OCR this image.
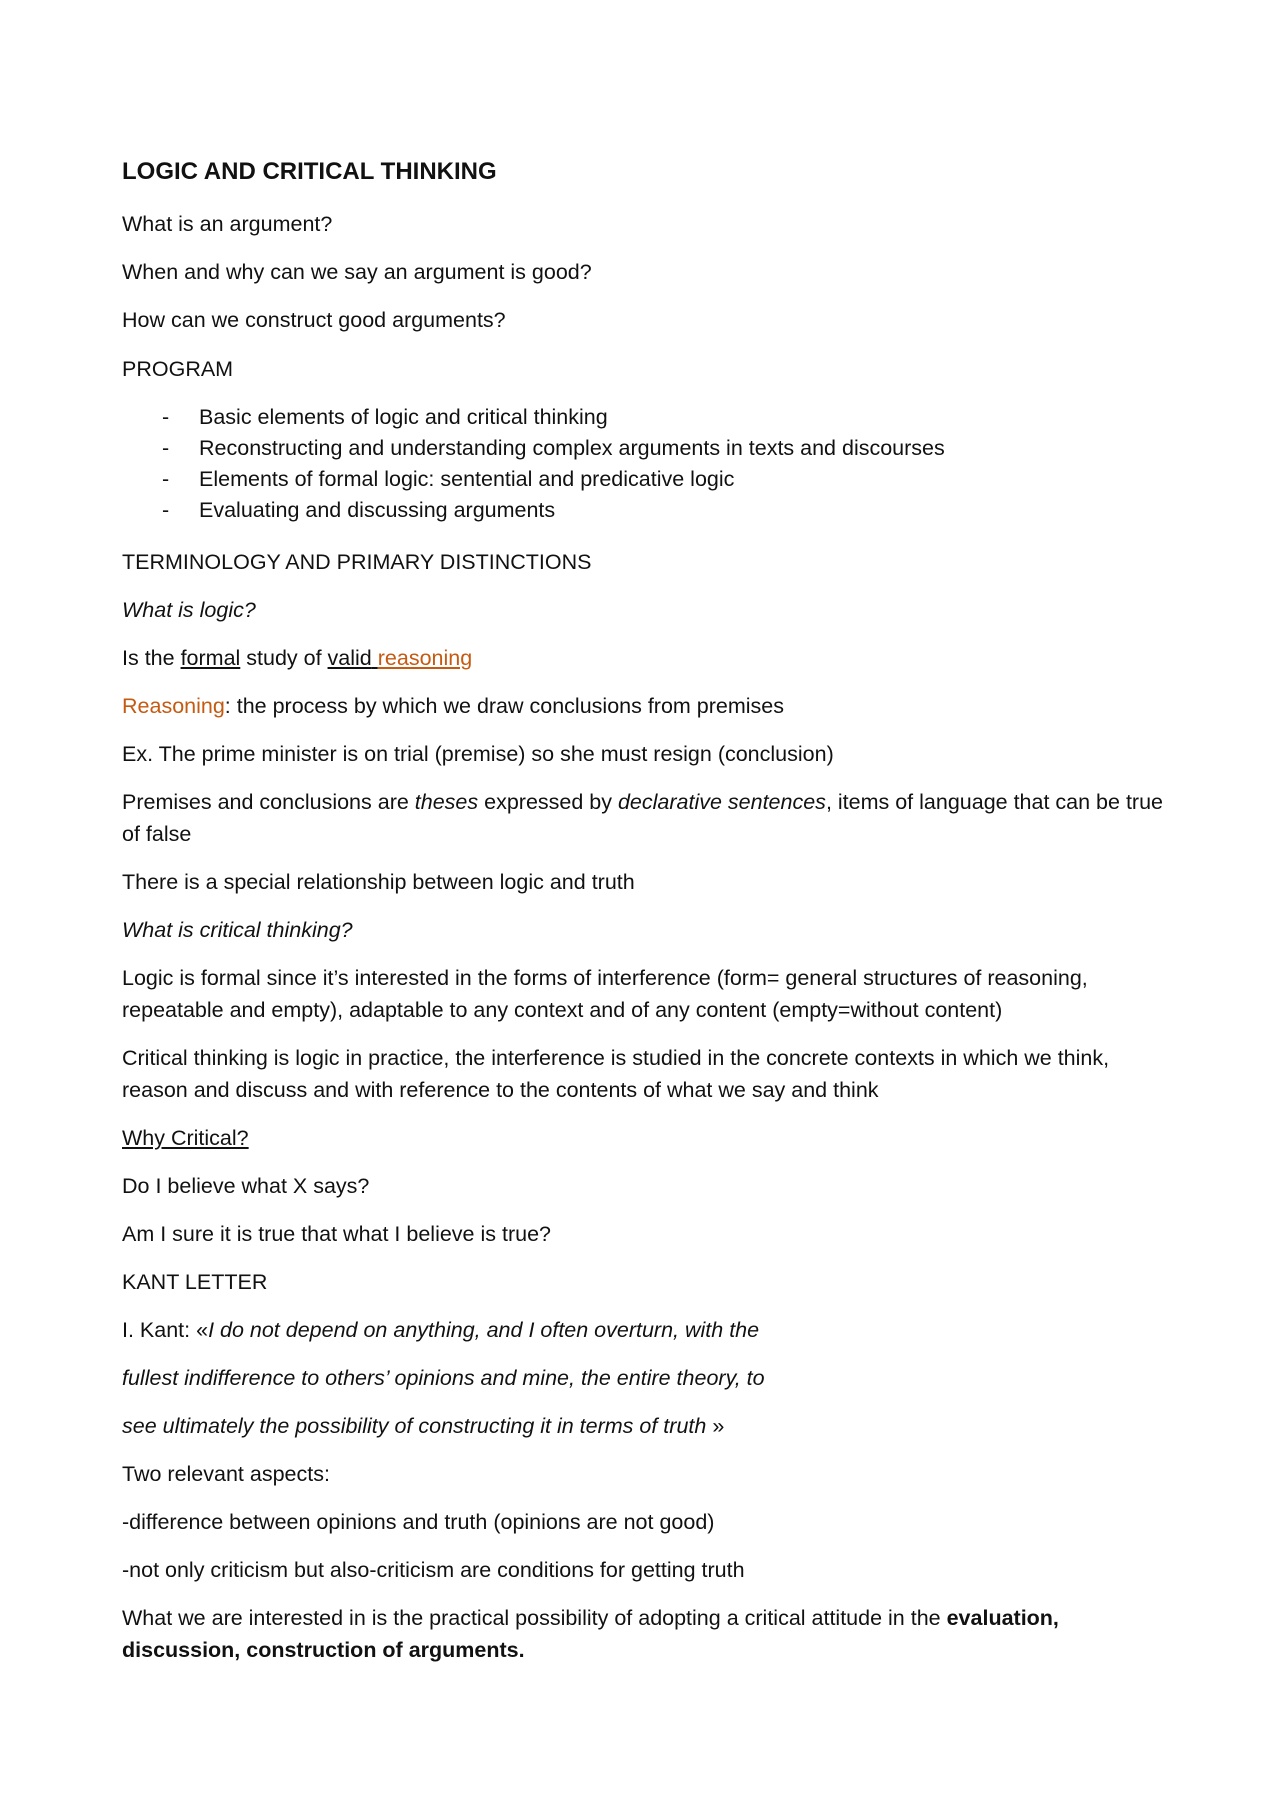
LOGIC AND CRITICAL THINKING

What is an argument?

When and why can we say an argument is good?

How can we construct good arguments?

PROGRAM

- Basic elements of logic and critical thinking
- Reconstructing and understanding complex arguments in texts and discourses
- Elements of formal logic: sentential and predicative logic
- Evaluating and discussing arguments

TERMINOLOGY AND PRIMARY DISTINCTIONS

What is logic?

Is the formal study of valid reasoning

Reasoning: the process by which we draw conclusions from premises

Ex. The prime minister is on trial (premise) so she must resign (conclusion)

Premises and conclusions are theses expressed by declarative sentences, items of language that can be true of false

There is a special relationship between logic and truth

What is critical thinking?

Logic is formal since it’s interested in the forms of interference (form= general structures of reasoning, repeatable and empty), adaptable to any context and of any content (empty=without content)

Critical thinking is logic in practice, the interference is studied in the concrete contexts in which we think, reason and discuss and with reference to the contents of what we say and think

Why Critical?

Do I believe what X says?

Am I sure it is true that what I believe is true?

KANT LETTER

I. Kant: «I do not depend on anything, and I often overturn, with the

fullest indifference to others’ opinions and mine, the entire theory, to

see ultimately the possibility of constructing it in terms of truth »

Two relevant aspects:

-difference between opinions and truth (opinions are not good)

-not only criticism but also-criticism are conditions for getting truth

What we are interested in is the practical possibility of adopting a critical attitude in the evaluation, discussion, construction of arguments.
